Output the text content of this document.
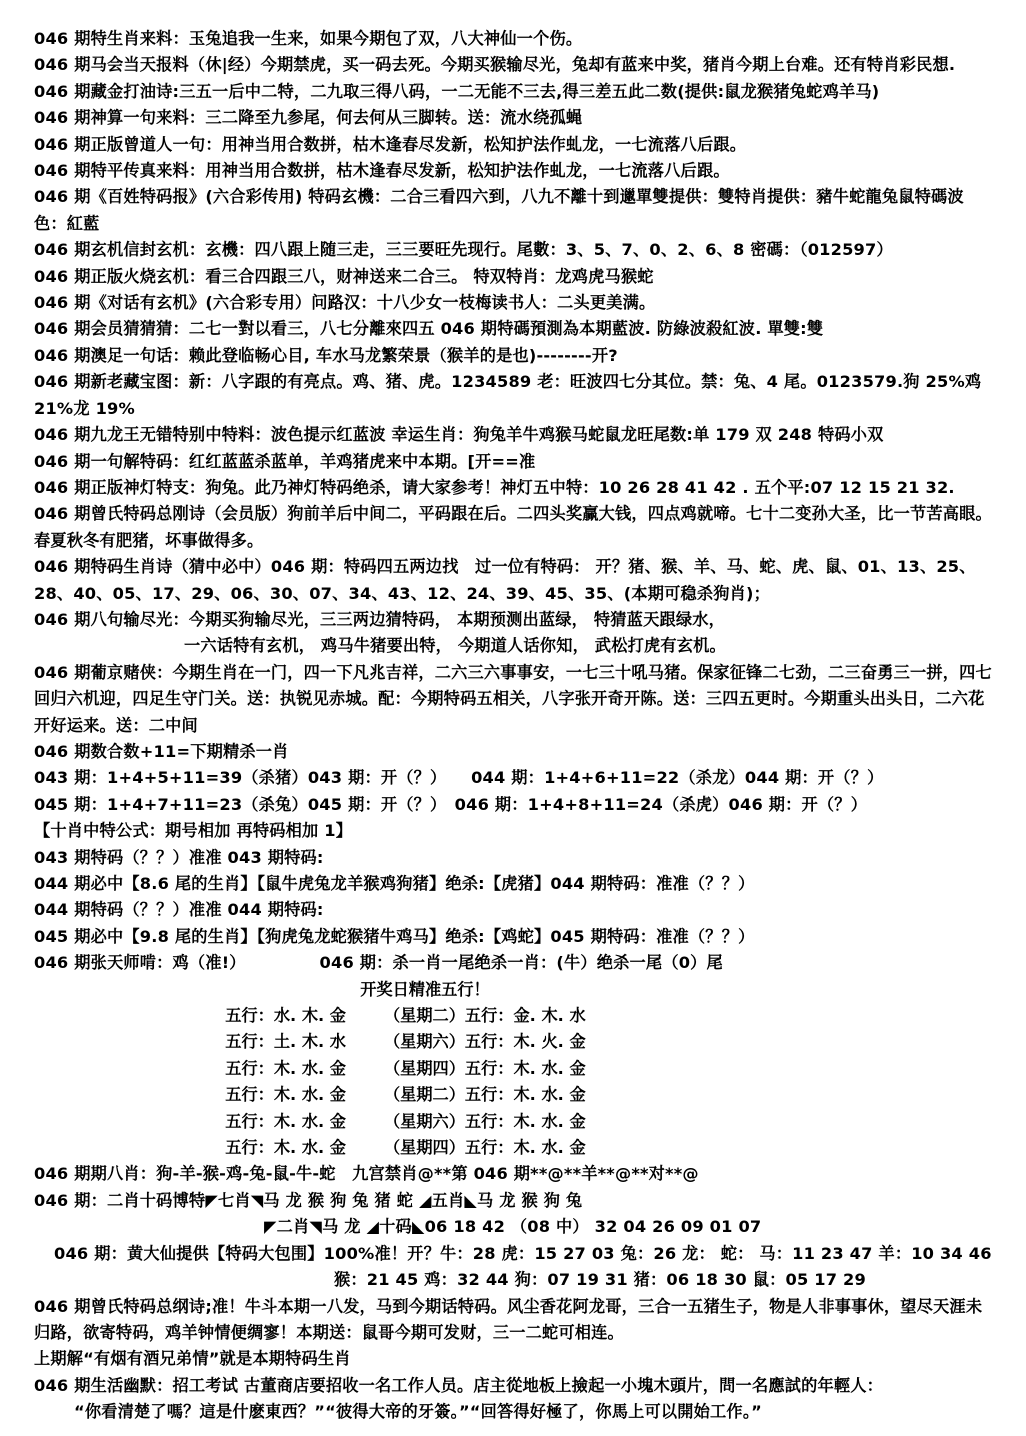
046 期特生肖来料：玉兔追我一生来，如果今期包了双，八大神仙一个伤。
046 期马会当天报料（休|经）今期禁虎，买一码去死。今期买猴输尽光，兔却有蓝来中奖，猪肖今期上台难。还有特肖彩民想.
046 期藏金打油诗:三五一后中二特，二九取三得八码，一二无能不三去,得三差五此二数(提供:鼠龙猴猪兔蛇鸡羊马)
046 期神算一句来料：三二降至九参尾，何去何从三脚转。送：流水绕孤蝇
046 期正版曾道人一句：用神当用合数拼，枯木逢春尽发新，松知护法作虬龙，一七流落八后跟。
046 期特平传真来料：用神当用合数拼，枯木逢春尽发新，松知护法作虬龙，一七流落八后跟。
046 期《百姓特码报》(六合彩传用) 特码玄機：二合三看四六到，八九不離十到邋單雙提供：雙特肖提供：豬牛蛇龍兔鼠特碼波色：紅藍
046 期玄机信封玄机：玄機：四八跟上随三走，三三要旺先现行。尾數：3、5、7、0、2、6、8 密碼：（012597）
046 期正版火烧玄机：看三合四跟三八，财神送来二合三。 特双特肖：龙鸡虎马猴蛇
046 期《对话有玄机》(六合彩专用）问路汉：十八少女一枝梅读书人：二头更美满。
046 期会员猜猜猜：二七一對以看三，八七分離來四五 046 期特碼預測為本期藍波. 防綠波殺紅波. 單雙:雙
046 期澳足一句话：赖此登临畅心目, 车水马龙繁荣景（猴羊的是也)--------开?
046 期新老藏宝图：新：八字跟的有亮点。鸡、猪、虎。1234589 老：旺波四七分其位。禁：兔、4 尾。0123579.狗 25%鸡 21%龙 19%
046 期九龙王无错特别中特料：波色提示红蓝波 幸运生肖：狗兔羊牛鸡猴马蛇鼠龙旺尾数:单 179 双 248 特码小双
046 期一句解特码：红红蓝蓝杀蓝单，羊鸡猪虎来中本期。[开==准
046 期正版神灯特支：狗兔。此乃神灯特码绝杀，请大家参考！神灯五中特：10 26 28 41 42 . 五个平:07 12 15 21 32.
046 期曾氏特码总刚诗（会员版）狗前羊后中间二，平码跟在后。二四头奖赢大钱，四点鸡就啼。七十二变孙大圣，比一节苦高眼。春夏秋冬有肥猪，坏事做得多。
046 期特码生肖诗（猜中必中）046 期：特码四五两边找　过一位有特码： 开？猪、猴、羊、马、蛇、虎、鼠、01、13、25、28、40、05、17、29、06、30、07、34、43、12、24、39、45、35、(本期可稳杀狗肖)；
046 期八句输尽光：今期买狗输尽光，三三两边猜特码， 本期预测出蓝绿， 特猜蓝天跟绿水，
一六话特有玄机， 鸡马牛猪要出特， 今期道人话你知， 武松打虎有玄机。
046 期葡京赌侠：今期生肖在一门，四一下凡兆吉祥，二六三六事事安，一七三十吼马猪。保家征锋二七劲，二三奋勇三一拼，四七回归六机迎，四足生守门关。送：执锐见赤城。配：今期特码五相关，八字张开奇开陈。送：三四五更时。今期重头出头日，二六花开好运来。送：二中间
046 期数合数+11=下期精杀一肖
043 期：1+4+5+11=39（杀猪）043 期：开（？）　　044 期：1+4+6+11=22（杀龙）044 期：开（？）
045 期：1+4+7+11=23（杀兔）045 期：开（？）　046 期：1+4+8+11=24（杀虎）046 期：开（？）
【十肖中特公式：期号相加 再特码相加 1】
043 期特码（？？）准准 043 期特码:
044 期必中【8.6 尾的生肖】【鼠牛虎兔龙羊猴鸡狗猪】绝杀:【虎猪】044 期特码：准准（？？）
044 期特码（？？）准准 044 期特码:
045 期必中【9.8 尾的生肖】【狗虎兔龙蛇猴猪牛鸡马】绝杀:【鸡蛇】045 期特码：准准（？？）
046 期张天师啃：鸡（准!）　　　　　046 期：杀一肖一尾绝杀一肖：(牛）绝杀一尾（0）尾
开奖日精准五行！
五行：水. 木. 金	（星期二）五行：金. 木. 水
五行：土. 木. 水	（星期六）五行：木. 火. 金
五行：木. 水. 金	（星期四）五行：木. 水. 金
五行：木. 水. 金	（星期二）五行：木. 水. 金
五行：木. 水. 金	（星期六）五行：木. 水. 金
五行：木. 水. 金	（星期四）五行：木. 水. 金
046 期期八肖：狗-羊-猴-鸡-兔-鼠-牛-蛇　九宫禁肖@**第 046 期**@**羊**@**对**@
046 期：二肖十码博特◤七肖◥马 龙 猴 狗 兔 猪 蛇 ◢五肖◣马 龙 猴 狗 兔
◤二肖◥马 龙 ◢十码◣06 18 42 （08 中） 32 04 26 09 01 07
046 期：黄大仙提供【特码大包围】100%准！开？牛：28 虎：15 27 03 兔：26 龙： 蛇： 马：11 23 47 羊：10 34 46
猴：21 45 鸡：32 44 狗：07 19 31 猪：06 18 30 鼠：05 17 29
046 期曾氏特码总纲诗;准！牛斗本期一八发，马到今期话特码。风尘香花阿龙哥，三合一五猪生子，物是人非事事休，望尽天涯未归路，欲寄特码，鸡羊钟情便绸寥！本期送：鼠哥今期可发财，三一二蛇可相连。
上期解“有烟有酒兄弟情”就是本期特码生肖
046 期生活幽默：招工考试 古董商店要招收一名工作人员。店主從地板上撿起一小塊木頭片，問一名應試的年輕人：
“你看清楚了嗎？這是什麽東西？”“彼得大帝的牙簽。”“回答得好極了，你馬上可以開始工作。”
